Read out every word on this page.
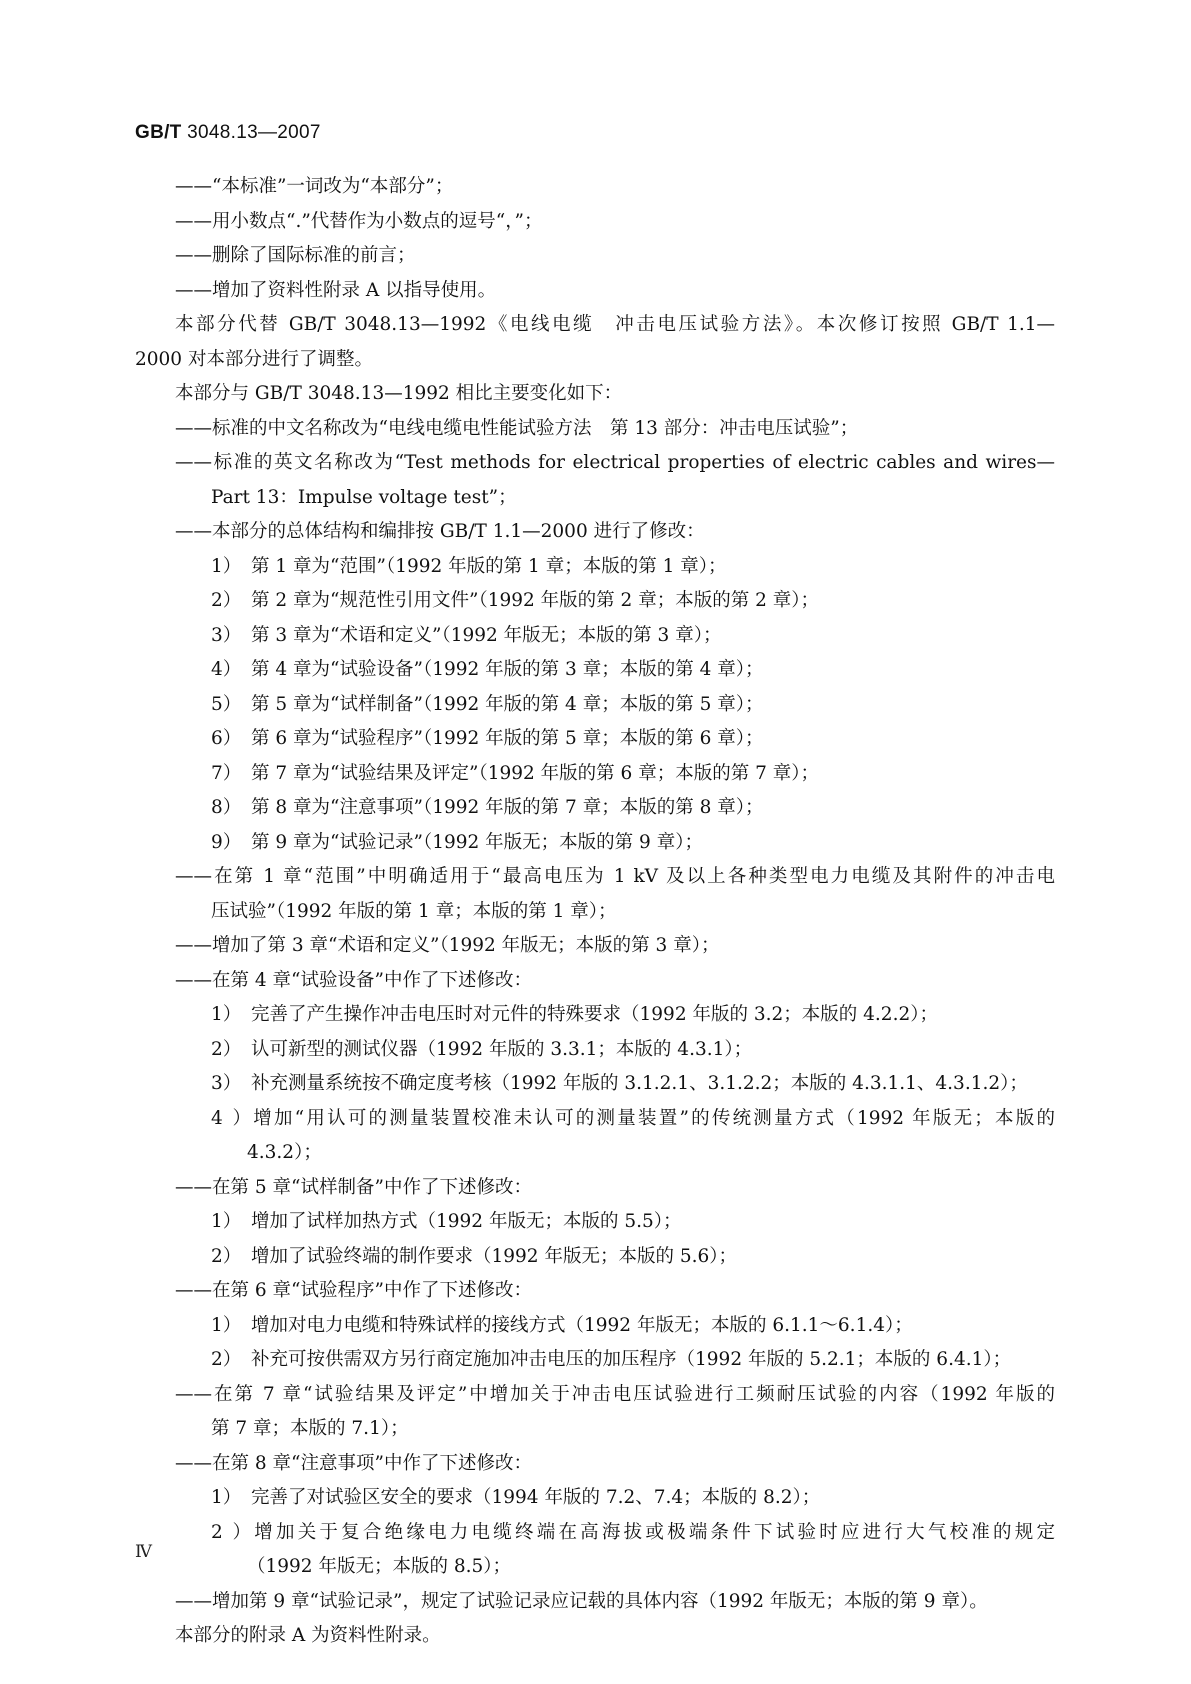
GB/T 3048.13—2007
——“本标准”一词改为“本部分”；
——用小数点“.”代替作为小数点的逗号“，”；
——删除了国际标准的前言；
——增加了资料性附录 A 以指导使用。
本部分代替 GB/T 3048.13—1992《电线电缆　冲击电压试验方法》。本次修订按照 GB/T 1.1—
2000 对本部分进行了调整。
本部分与 GB/T 3048.13—1992 相比主要变化如下：
——标准的中文名称改为“电线电缆电性能试验方法　第 13 部分：冲击电压试验”；
——标准的英文名称改为“Test methods for electrical properties of electric cables and wires—
Part 13：Impulse voltage test”；
——本部分的总体结构和编排按 GB/T 1.1—2000 进行了修改：
1） 第 1 章为“范围”（1992 年版的第 1 章；本版的第 1 章）；
2） 第 2 章为“规范性引用文件”（1992 年版的第 2 章；本版的第 2 章）；
3） 第 3 章为“术语和定义”（1992 年版无；本版的第 3 章）；
4） 第 4 章为“试验设备”（1992 年版的第 3 章；本版的第 4 章）；
5） 第 5 章为“试样制备”（1992 年版的第 4 章；本版的第 5 章）；
6） 第 6 章为“试验程序”（1992 年版的第 5 章；本版的第 6 章）；
7） 第 7 章为“试验结果及评定”（1992 年版的第 6 章；本版的第 7 章）；
8） 第 8 章为“注意事项”（1992 年版的第 7 章；本版的第 8 章）；
9） 第 9 章为“试验记录”（1992 年版无；本版的第 9 章）；
——在第 1 章“范围”中明确适用于“最高电压为 1 kV 及以上各种类型电力电缆及其附件的冲击电
压试验”（1992 年版的第 1 章；本版的第 1 章）；
——增加了第 3 章“术语和定义”（1992 年版无；本版的第 3 章）；
——在第 4 章“试验设备”中作了下述修改：
1） 完善了产生操作冲击电压时对元件的特殊要求（1992 年版的 3.2；本版的 4.2.2）；
2） 认可新型的测试仪器（1992 年版的 3.3.1；本版的 4.3.1）；
3） 补充测量系统按不确定度考核（1992 年版的 3.1.2.1、3.1.2.2；本版的 4.3.1.1、4.3.1.2）；
4）增加“用认可的测量装置校准未认可的测量装置”的传统测量方式（1992 年版无；本版的
4.3.2）；
——在第 5 章“试样制备”中作了下述修改：
1） 增加了试样加热方式（1992 年版无；本版的 5.5）；
2） 增加了试验终端的制作要求（1992 年版无；本版的 5.6）；
——在第 6 章“试验程序”中作了下述修改：
1） 增加对电力电缆和特殊试样的接线方式（1992 年版无；本版的 6.1.1～6.1.4）；
2） 补充可按供需双方另行商定施加冲击电压的加压程序（1992 年版的 5.2.1；本版的 6.4.1）；
——在第 7 章“试验结果及评定”中增加关于冲击电压试验进行工频耐压试验的内容（1992 年版的
第 7 章；本版的 7.1）；
——在第 8 章“注意事项”中作了下述修改：
1） 完善了对试验区安全的要求（1994 年版的 7.2、7.4；本版的 8.2）；
2）增加关于复合绝缘电力电缆终端在高海拔或极端条件下试验时应进行大气校准的规定
（1992 年版无；本版的 8.5）；
——增加第 9 章“试验记录”，规定了试验记录应记载的具体内容（1992 年版无；本版的第 9 章）。
本部分的附录 A 为资料性附录。
Ⅳ
